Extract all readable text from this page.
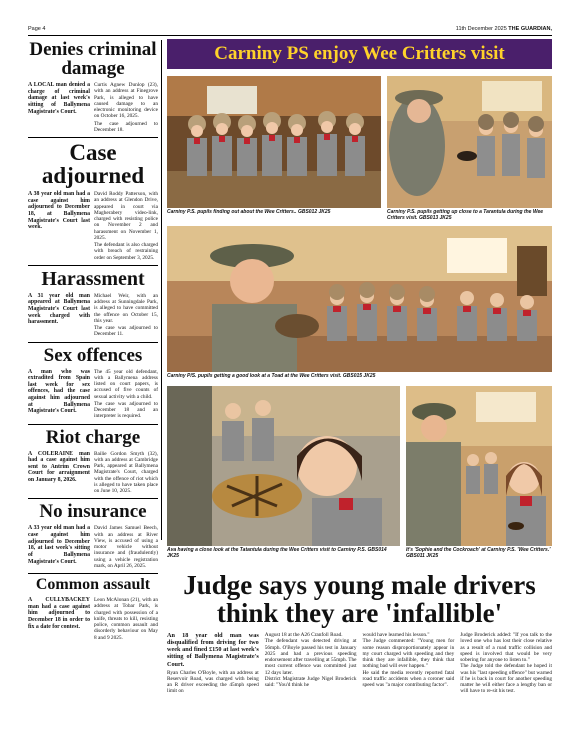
Page 4	11th December 2025 THE GUARDIAN,
Denies criminal damage
A LOCAL man denied a charge of criminal damage at last week's sitting of Ballymena Magistrate's Court.

Curtis Agnew Dunlop (23), with an address at Finegrove Park, is alleged to have caused damage to an electronic monitoring device on October 16, 2025.

The case adjourned to December 18.

Case adjourned
A 38 year old man had a case against him adjourned to December 18, at Ballymena Magistrate's Court last week.

David Roddy Patterson, with an address at Glendon Drive, appeared in court via Magherabery video-link, charged with resisting police on November 2 and harassment on November 1, 2025.

The defendant is also charged with breach of restraining order on September 3, 2025.

Harassment
A 31 year old man appeared at Ballymena Magistrate's Court last week charged with harassment.

Michael Weir, with an address at Sunningdale Park, is alleged to have committed the offence on October 15, this year.

The case was adjourned to December 11.

Sex offences
A man who was extradited from Spain last week for sex offences, had the case against him adjourned at Ballymena Magistrate's Court.

The 45 year old defendant, with a Ballymena address listed on court papers, is accused of five counts of sexual activity with a child.

The case was adjourned to December 18 and an interpreter is required.

Riot charge
A COLERAINE man had a case against him sent to Antrim Crown Court for arraignment on January 8, 2026.

Bailie Gordon Smyth (32), with an address at Cambridge Park, appeared at Ballymena Magistrate's Court, charged with the offence of riot which is alleged to have taken place on June 10, 2025.

No insurance
A 33 year old man had a case against him adjourned to December 18, at last week's sitting of Ballymena Magistrate's Court.

David James Samuel Beech, with an address at River View, is accused of using a motor vehicle without insurance and (fraudulently) using a vehicle registration mark, on April 26, 2025.

Common assault
A CULLYBACKEY man had a case against him adjourned to December 18 in order to fix a date for contest.

Leon McAlonan (21), with an address at Tobar Park, is charged with possession of a knife, threats to kill, resisting police, common assault and disorderly behaviour on May 8 and 9 2025.

Carniny PS enjoy Wee Critters visit
Carniny P.S. pupils finding out about the Wee Critters.. GBS012 JK25	Carniny P.S. pupils getting up close to a Tarantula during the Wee Critters visit. GBS013 JK25
Carniny P/S. pupils getting a good look at a Toad at the Wee Critters visit. GBS015 JK25
Ava having a close look at the Tatantula during the Wee Critters visit to Carniny P.S. GBS014 JK25
It's 'Sophie and the Cockroach' at Carniny P.S. 'Wee Critters.' GBS011 JK25
Judge says young male drivers think they are 'infallible'

An 18 year old man was disqualified from driving for two week and fined £150 at last week's sitting of Ballymena Magistrate's Court.

Ryan Charles O'Boyle, with an address at Reservoir Road, was charged with being an R driver exceeding the 45mph speed limit on

August 18 at the A26 Cranfoll Road.

The defendant was detected driving at 56mph. O'Boyle passed his test in January 2025 and had a previous speeding endorsement after travelling at 55mph. The most current offence was committed just 12 days later.

District Magistrate Judge Nigel Broderick said: "You'd think he

would have learned his lesson."

The Judge commented: "Young men for some reason disproportionately appear in my court charged with speeding and they think they are infallible, they think that nothing bad will ever happen."

He said the media recently reported fatal road traffic accidents when a coroner said speed was "a major contributing factor".

Judge Broderick added: "If you talk to the loved one who has lost their close relative as a result of a road traffic collision and speed is involved that would be very sobering for anyone to listen to."

The Judge told the defendant he hoped it was his "last speeding offence" but warned if he is back in court for another speeding matter he will either face a lengthy ban or will have to re-sit his test.
